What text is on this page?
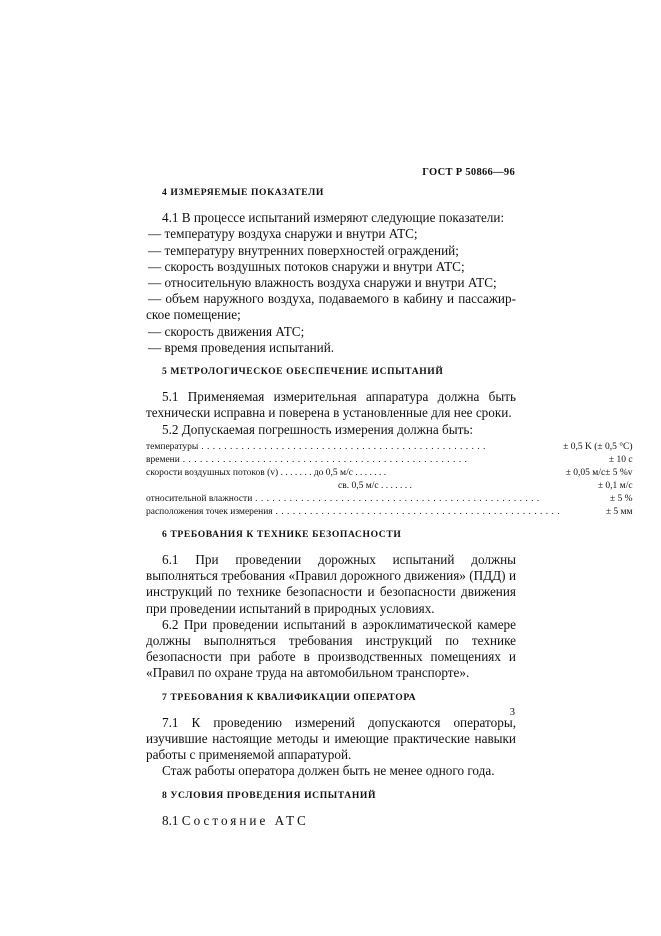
ГОСТ Р 50866—96
4 ИЗМЕРЯЕМЫЕ ПОКАЗАТЕЛИ

4.1 В процессе испытаний измеряют следующие показатели:

— температуру воздуха снаружи и внутри АТС;

— температуру внутренних поверхностей ограждений;

— скорость воздушных потоков снаружи и внутри АТС;

— относительную влажность воздуха снаружи и внутри АТС;

— объем наружного воздуха, подаваемого в кабину и пассажирское помещение;

— скорость движения АТС;

— время проведения испытаний.

5 МЕТРОЛОГИЧЕСКОЕ ОБЕСПЕЧЕНИЕ ИСПЫТАНИЙ

5.1 Применяемая измерительная аппаратура должна быть технически исправна и поверена в установленные для нее сроки.

5.2 Допускаемая погрешность измерения должна быть:

температуры . . .	± 0,5 K (± 0,5 °C)
времени . . .	± 10 с
скорости воздушных потоков (v) . . . . . . . до 0,5 м/с . . . . . . .	± 0,05 м/с± 5 %v
св. 0,5 м/с . . . . . . .	± 0,1 м/с
относительной влажности . . .	± 5 %
расположения точек измерения . . .	± 5 мм
6 ТРЕБОВАНИЯ К ТЕХНИКЕ БЕЗОПАСНОСТИ

6.1 При проведении дорожных испытаний должны выполняться требования «Правил дорожного движения» (ПДД) и инструкций по технике безопасности и безопасности движения при проведении испытаний в природных условиях.

6.2 При проведении испытаний в аэроклиматической камере должны выполняться требования инструкций по технике безопасности при работе в производственных помещениях и «Правил по охране труда на автомобильном транспорте».

7 ТРЕБОВАНИЯ К КВАЛИФИКАЦИИ ОПЕРАТОРА

7.1 К проведению измерений допускаются операторы, изучившие настоящие методы и имеющие практические навыки работы с применяемой аппаратурой.

Стаж работы оператора должен быть не менее одного года.

8 УСЛОВИЯ ПРОВЕДЕНИЯ ИСПЫТАНИЙ

8.1 Состояние АТС

3
